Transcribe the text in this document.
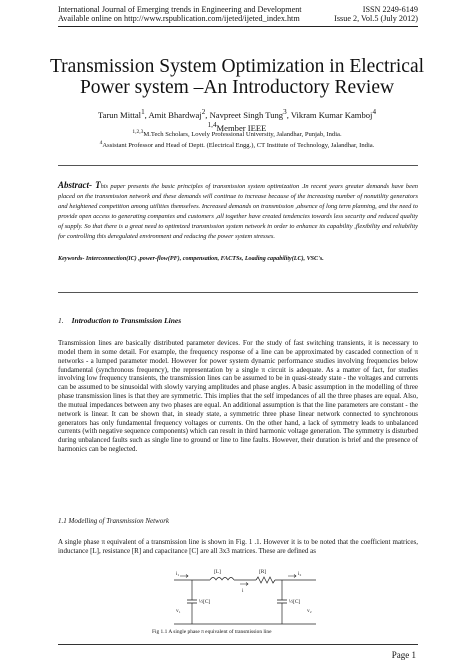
International Journal of Emerging trends in Engineering and Development	ISSN 2249-6149
Available online on http://www.rspublication.com/ijeted/ijeted_index.htm	Issue 2, Vol.5 (July 2012)
Transmission System Optimization in Electrical
Power system –An Introductory Review
Tarun Mittal$^1$, Amit Bhardwaj$^2$, Navpreet Singh Tung$^3$, Vikram Kumar Kamboj$^4$
$^{1,4}$Member IEEE
$^{1,2,3}$M.Tech Scholars, Lovely Professional University, Jalandhar, Punjab, India.
$^4$Assistant Professor and Head of Deptt. (Electrical Engg.), CT Institute of Technology, Jalandhar, India.
Abstract- This paper presents the basic principles of transmission system optimization .In recent years greater demands have been placed on the transmission network and these demands will continue to increase because of the increasing number of nonutility generators and heightened competition among utilities themselves. Increased demands on transmission ,absence of long term planning, and the need to provide open access to generating companies and customers ,all together have created tendencies towards less security and reduced quality of supply. So that there is a great need to optimized transmission system network in order to enhance its capability ,flexibility and reliability for controlling this deregulated environment and reducing the power system stresses.
Keywords- Interconnection(IC) ,power-flow(PF), compensation, FACTSs, Loading capability(LC), VSC's.
1. Introduction to Transmission Lines
Transmission lines are basically distributed parameter devices. For the study of fast switching transients, it is necessary to model them in some detail. For example, the frequency response of a line can be approximated by cascaded connection of π networks - a lumped parameter model. However for power system dynamic performance studies involving frequencies below fundamental (synchronous frequency), the representation by a single π circuit is adequate. As a matter of fact, for studies involving low frequency transients, the transmission lines can be assumed to be in quasi-steady state - the voltages and currents can be assumed to be sinusoidal with slowly varying amplitudes and phase angles. A basic assumption in the modelling of three phase transmission lines is that they are symmetric. This implies that the self impedances of all the three phases are equal. Also, the mutual impedances between any two phases are equal. An additional assumption is that the line parameters are constant - the network is linear. It can be shown that, in steady state, a symmetric three phase linear network connected to synchronous generators has only fundamental frequency voltages or currents. On the other hand, a lack of symmetry leads to unbalanced currents (with negative sequence components) which can result in third harmonic voltage generation. The symmetry is disturbed during unbalanced faults such as single line to ground or line to line faults. However, their duration is brief and the presence of harmonics can be neglected.
1.1 Modelling of Transmission Network
A single phase π equivalent of a transmission line is shown in Fig. 1 .1. However it is to be noted that the coefficient matrices, inductance [L], resistance [R] and capacitance [C] are all 3x3 matrices. These are defined as
i₁	[L]	[R]	i₂
i
½[C]	½[C]
v₁	v₂
Fig 1.1 A single phase π equivalent of transmission line
Page 1
